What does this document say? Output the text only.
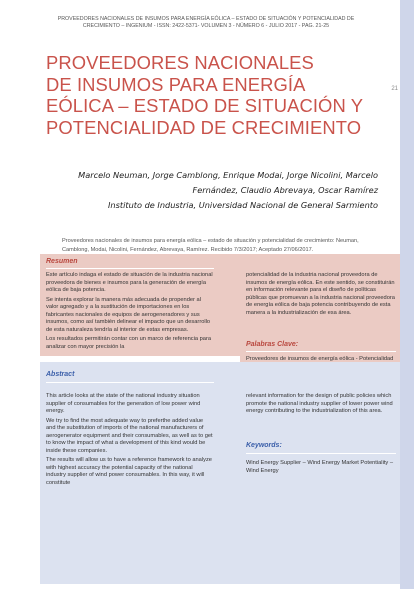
21
PROVEEDORES NACIONALES DE INSUMOS PARA ENERGÍA EÓLICA – ESTADO DE SITUACIÓN Y POTENCIALIDAD DE
CRECIMIENTO – INGENIUM - ISSN: 2422-5371- VOLUMEN 3 - NÚMERO 6 - JULIO 2017 - PAG. 21-25
PROVEEDORES NACIONALES
DE INSUMOS PARA ENERGÍA
EÓLICA – ESTADO DE SITUACIÓN Y
POTENCIALIDAD DE CRECIMIENTO
Marcelo Neuman, Jorge Camblong, Enrique Modai, Jorge Nicolini, Marcelo
Fernández, Claudio Abrevaya, Oscar Ramírez
Instituto de Industria, Universidad Nacional de General Sarmiento
Proveedores nacionales de insumos para energía eólica – estado de situación y potencialidad de crecimiento: Neuman,
Camblong, Modai, Nicolini, Fernández, Abrevaya, Ramírez. Recibido 7/3/2017; Aceptado 27/06/2017.
Resumen

Este artículo indaga el estado de situación de la industria nacional proveedora de bienes e insumos para la generación de energía eólica de baja potencia.

Se intenta explorar la manera más adecuada de propender al valor agregado y a la sustitución de importaciones en los fabricantes nacionales de equipos de aerogeneradores y sus insumos, como así también delinear el impacto que un desarrollo de esta naturaleza tendría al interior de estas empresas.

Los resultados permitirán contar con un marco de referencia para analizar con mayor precisión la

potencialidad de la industria nacional proveedora de insumos de energía eólica. En este sentido, se constituirán en información relevante para el diseño de políticas públicas que promuevan a la industria nacional proveedora de energía eólica de baja potencia contribuyendo de esta manera a la industrialización de esa área.

Palabras Clave:
Proveedores de insumos de energía eólica - Potencialidad
Abstract

This article looks at the state of the national industry situation supplier of consumables for the generation of low power wind energy.

We try to find the most adequate way to preferthe added value and the substitution of imports of the national manufacturers of aerogenerator equipment and their consumables, as well as to get to know the impact of what a development of this kind would be inside these companies.

The results will allow us to have a reference framework to analyze with highest accuracy the potential capacity of the national industry supplier of wind power consumables. In this way, it will constitute

relevant information for the design of public policies which promote the national industry supplier of lower power wind energy contributing to the industrialization of this area.

Keywords:
Wind Energy Supplier – Wind Energy Market Potentiality – Wind Energy
